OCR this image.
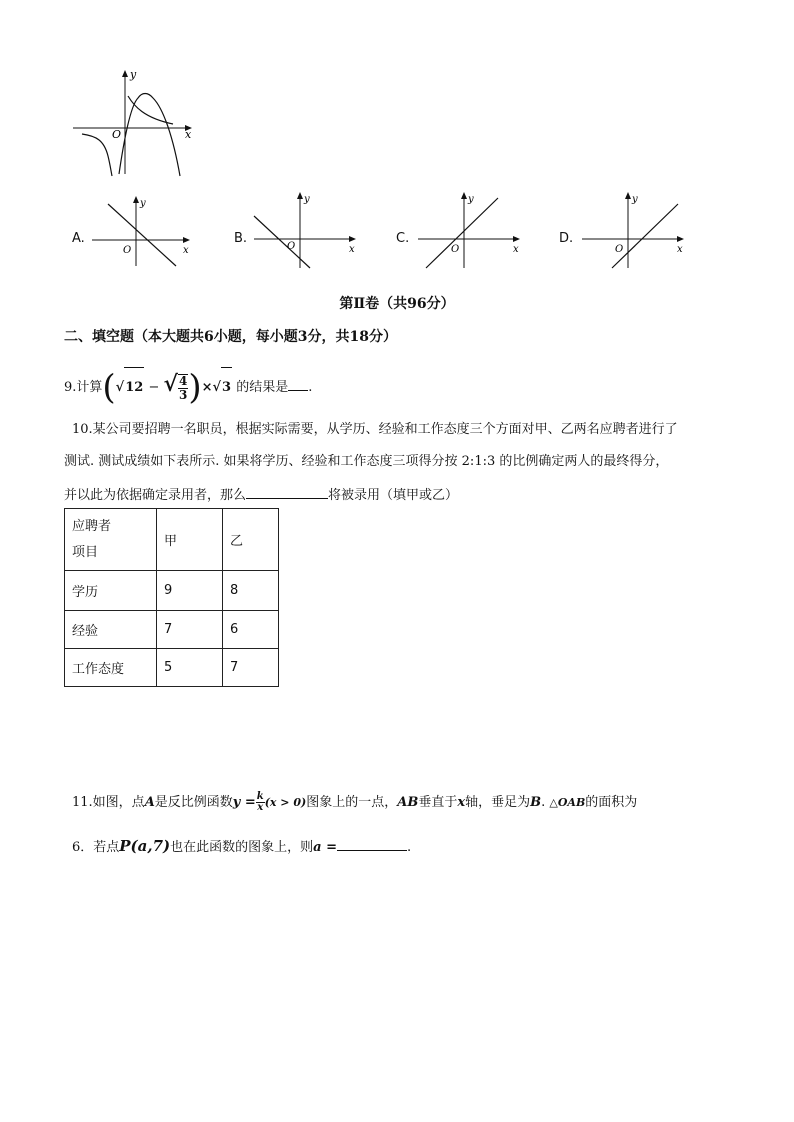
y
O	x
A.
y
O	x
B.
y
O	x
C.
y
O	x
D.
y
O	x
第Ⅱ卷（共96分）
二、填空题（本大题共6小题，每小题3分，共18分）
9.计算(√12 − √ $\frac{4}{3} )\times√3$ 的结果是 .
10.某公司要招聘一名职员，根据实际需要，从学历、经验和工作态度三个方面对甲、乙两名应聘者进行了
测试. 测试成绩如下表所示. 如果将学历、经验和工作态度三项得分按 2:1:3 的比例确定两人的最终得分，
并以此为依据确定录用者，那么	将被录用（填甲或乙）
应聘者
项目	甲	乙
学历	9	8
经验	7	6
工作态度	5	7
11.如图，点A是反比例函数$y = \frac{k}{x} (x > 0)$图象上的一点，AB垂直于x轴，垂足为B. △OAB的面积为
6．若点P(a,7)也在此函数的图象上，则a =	.
